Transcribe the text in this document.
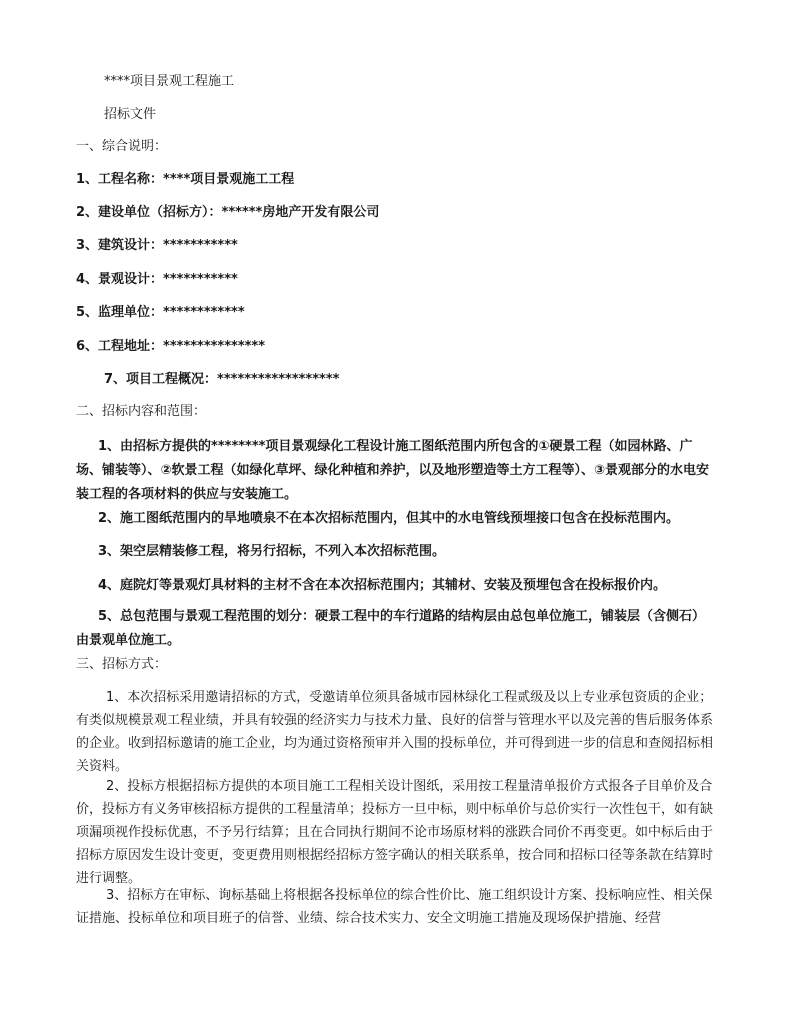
****项目景观工程施工
招标文件
一、综合说明：
1、工程名称：****项目景观施工工程
2、建设单位（招标方）：******房地产开发有限公司
3、建筑设计：***********
4、景观设计：***********
5、监理单位：************
6、工程地址：***************
7、项目工程概况：******************
二、招标内容和范围：
1、由招标方提供的********项目景观绿化工程设计施工图纸范围内所包含的①硬景工程（如园林路、广场、铺装等）、②软景工程（如绿化草坪、绿化种植和养护，以及地形塑造等土方工程等）、③景观部分的水电安装工程的各项材料的供应与安装施工。
2、施工图纸范围内的旱地喷泉不在本次招标范围内，但其中的水电管线预埋接口包含在投标范围内。
3、架空层精装修工程，将另行招标，不列入本次招标范围。
4、庭院灯等景观灯具材料的主材不含在本次招标范围内；其辅材、安装及预埋包含在投标报价内。
5、总包范围与景观工程范围的划分：硬景工程中的车行道路的结构层由总包单位施工，铺装层（含侧石）由景观单位施工。
三、招标方式：
1、本次招标采用邀请招标的方式，受邀请单位须具备城市园林绿化工程贰级及以上专业承包资质的企业；有类似规模景观工程业绩，并具有较强的经济实力与技术力量、良好的信誉与管理水平以及完善的售后服务体系的企业。收到招标邀请的施工企业，均为通过资格预审并入围的投标单位，并可得到进一步的信息和查阅招标相关资料。
2、投标方根据招标方提供的本项目施工工程相关设计图纸，采用按工程量清单报价方式报各子目单价及合价，投标方有义务审核招标方提供的工程量清单；投标方一旦中标，则中标单价与总价实行一次性包干，如有缺项漏项视作投标优惠，不予另行结算；且在合同执行期间不论市场原材料的涨跌合同价不再变更。如中标后由于招标方原因发生设计变更，变更费用则根据经招标方签字确认的相关联系单，按合同和招标口径等条款在结算时进行调整。
3、招标方在审标、询标基础上将根据各投标单位的综合性价比、施工组织设计方案、投标响应性、相关保证措施、投标单位和项目班子的信誉、业绩、综合技术实力、安全文明施工措施及现场保护措施、经营
